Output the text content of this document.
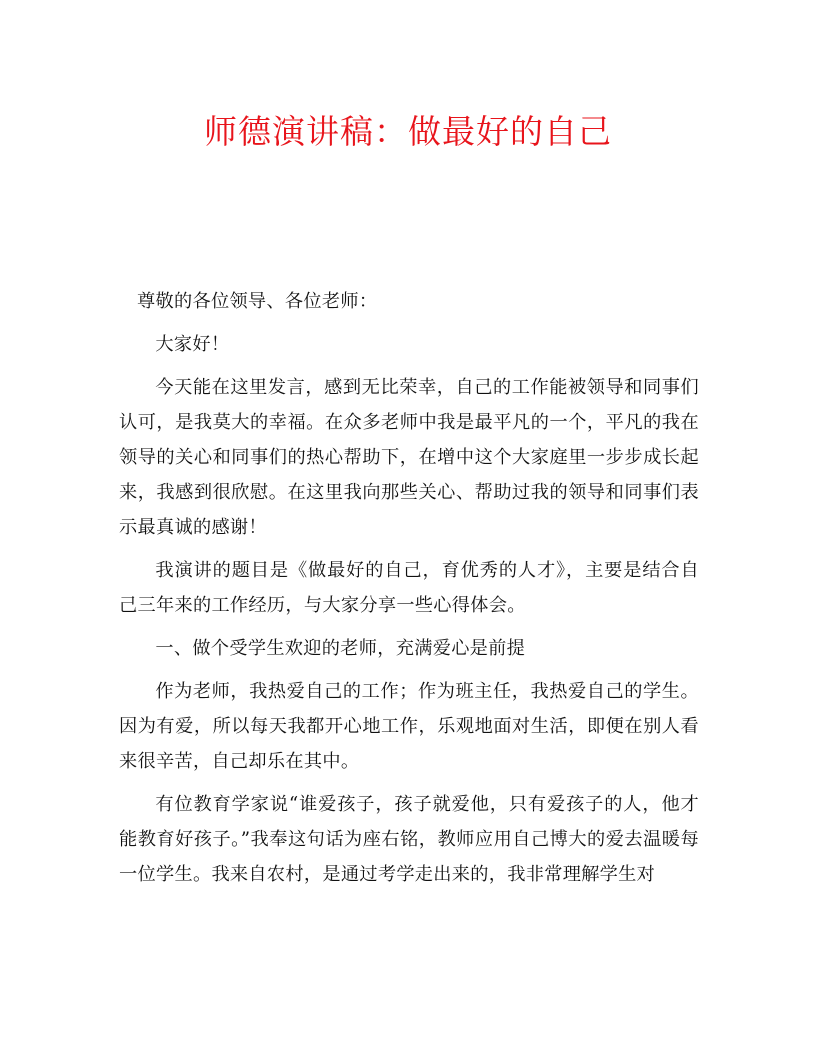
师德演讲稿：做最好的自己

尊敬的各位领导、各位老师：

大家好！

今天能在这里发言，感到无比荣幸，自己的工作能被领导和同事们认可，是我莫大的幸福。在众多老师中我是最平凡的一个，平凡的我在领导的关心和同事们的热心帮助下，在增中这个大家庭里一步步成长起来，我感到很欣慰。在这里我向那些关心、帮助过我的领导和同事们表示最真诚的感谢！

我演讲的题目是《做最好的自己，育优秀的人才》，主要是结合自己三年来的工作经历，与大家分享一些心得体会。

一、做个受学生欢迎的老师，充满爱心是前提

作为老师，我热爱自己的工作；作为班主任，我热爱自己的学生。因为有爱，所以每天我都开心地工作，乐观地面对生活，即便在别人看来很辛苦，自己却乐在其中。

有位教育学家说“谁爱孩子，孩子就爱他，只有爱孩子的人，他才能教育好孩子。”我奉这句话为座右铭，教师应用自己博大的爱去温暖每一位学生。我来自农村，是通过考学走出来的，我非常理解学生对
